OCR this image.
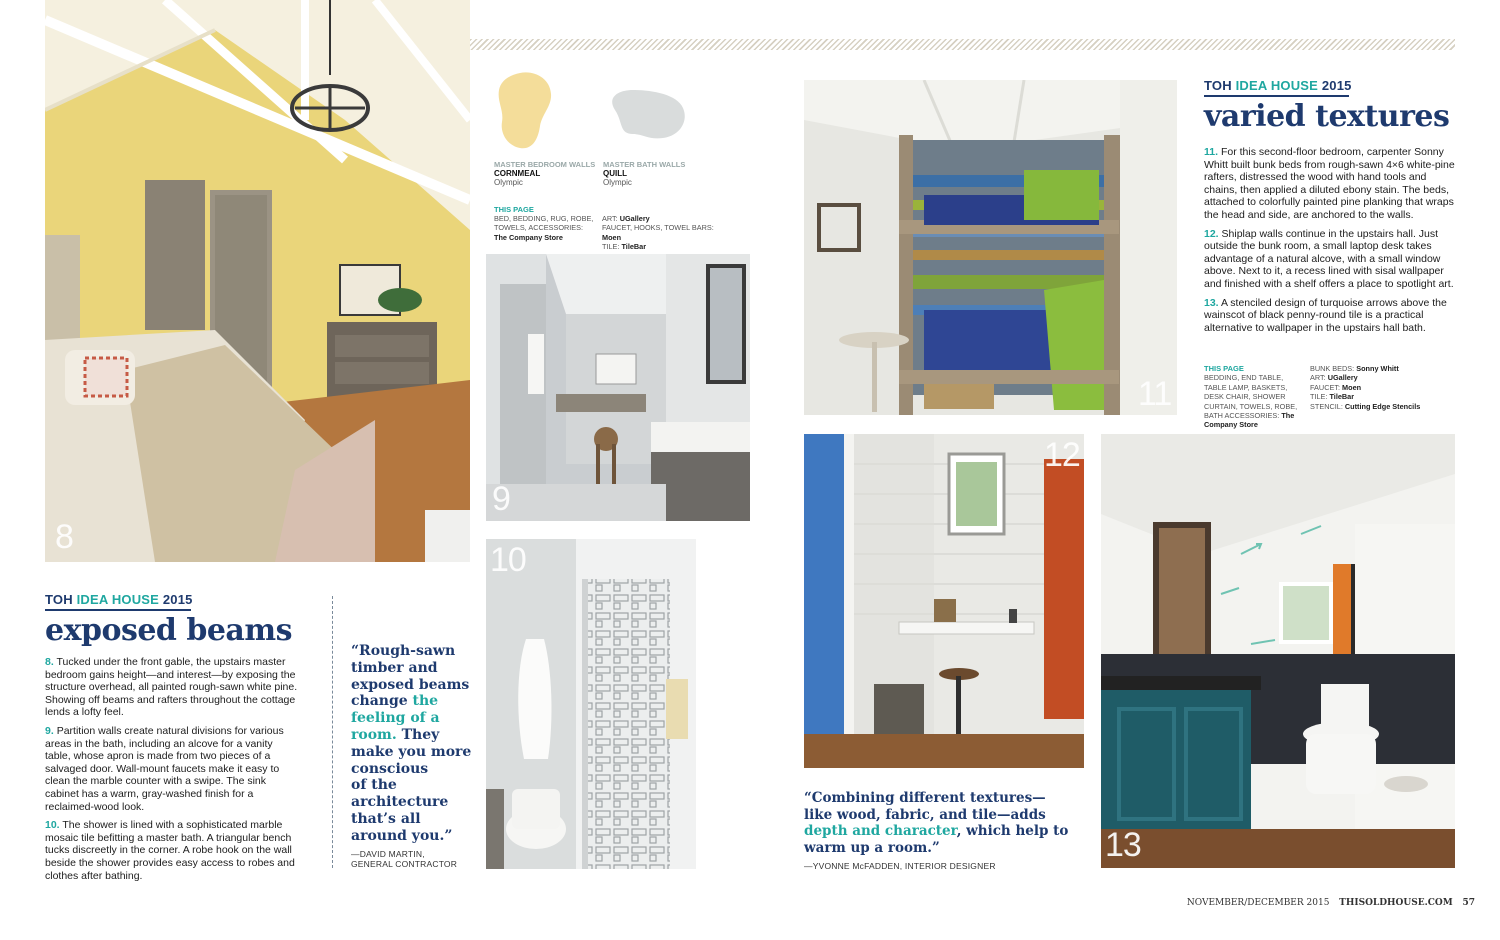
8
MASTER BEDROOM WALLS
CORNMEAL
Olympic
MASTER BATH WALLS
QUILL
Olympic
THIS PAGE
BED, BEDDING, RUG, ROBE, TOWELS, ACCESSORIES: The Company Store
ART: UGallery
FAUCET, HOOKS, TOWEL BARS: Moen
TILE: TileBar
9
10
TOH IDEA HOUSE 2015
exposed beams

8. Tucked under the front gable, the upstairs master bedroom gains height—and interest—by exposing the structure overhead, all painted rough-sawn white pine. Showing off beams and rafters throughout the cottage lends a lofty feel.

9. Partition walls create natural divisions for various areas in the bath, including an alcove for a vanity table, whose apron is made from two pieces of a salvaged door. Wall-mount faucets make it easy to clean the marble counter with a swipe. The sink cabinet has a warm, gray-washed finish for a reclaimed-wood look.

10. The shower is lined with a sophisticated marble mosaic tile befitting a master bath. A triangular bench tucks discreetly in the corner. A robe hook on the wall beside the shower provides easy access to robes and clothes after bathing.

“Rough-sawn
timber and
exposed beams
change the
feeling of a
room. They
make you more
conscious
of the
architecture
that’s all
around you.”
—DAVID MARTIN,
GENERAL CONTRACTOR
11
TOH IDEA HOUSE 2015
varied textures

11. For this second-floor bedroom, carpenter Sonny Whitt built bunk beds from rough-sawn 4×6 white-pine rafters, distressed the wood with hand tools and chains, then applied a diluted ebony stain. The beds, attached to colorfully painted pine planking that wraps the head and side, are anchored to the walls.

12. Shiplap walls continue in the upstairs hall. Just outside the bunk room, a small laptop desk takes advantage of a natural alcove, with a small window above. Next to it, a recess lined with sisal wallpaper and finished with a shelf offers a place to spotlight art.

13. A stenciled design of turquoise arrows above the wainscot of black penny-round tile is a practical alternative to wallpaper in the upstairs hall bath.

THIS PAGE
BEDDING, END TABLE, TABLE LAMP, BASKETS, DESK CHAIR, SHOWER CURTAIN, TOWELS, ROBE, BATH ACCESSORIES: The Company Store
BUNK BEDS: Sonny Whitt
ART: UGallery
FAUCET: Moen
TILE: TileBar
STENCIL: Cutting Edge Stencils
12
13
“Combining different textures—like wood, fabric, and tile—adds depth and character, which help to warm up a room.”
—YVONNE McFADDEN, INTERIOR DESIGNER
NOVEMBER/DECEMBER 2015 THISOLDHOUSE.COM 57
